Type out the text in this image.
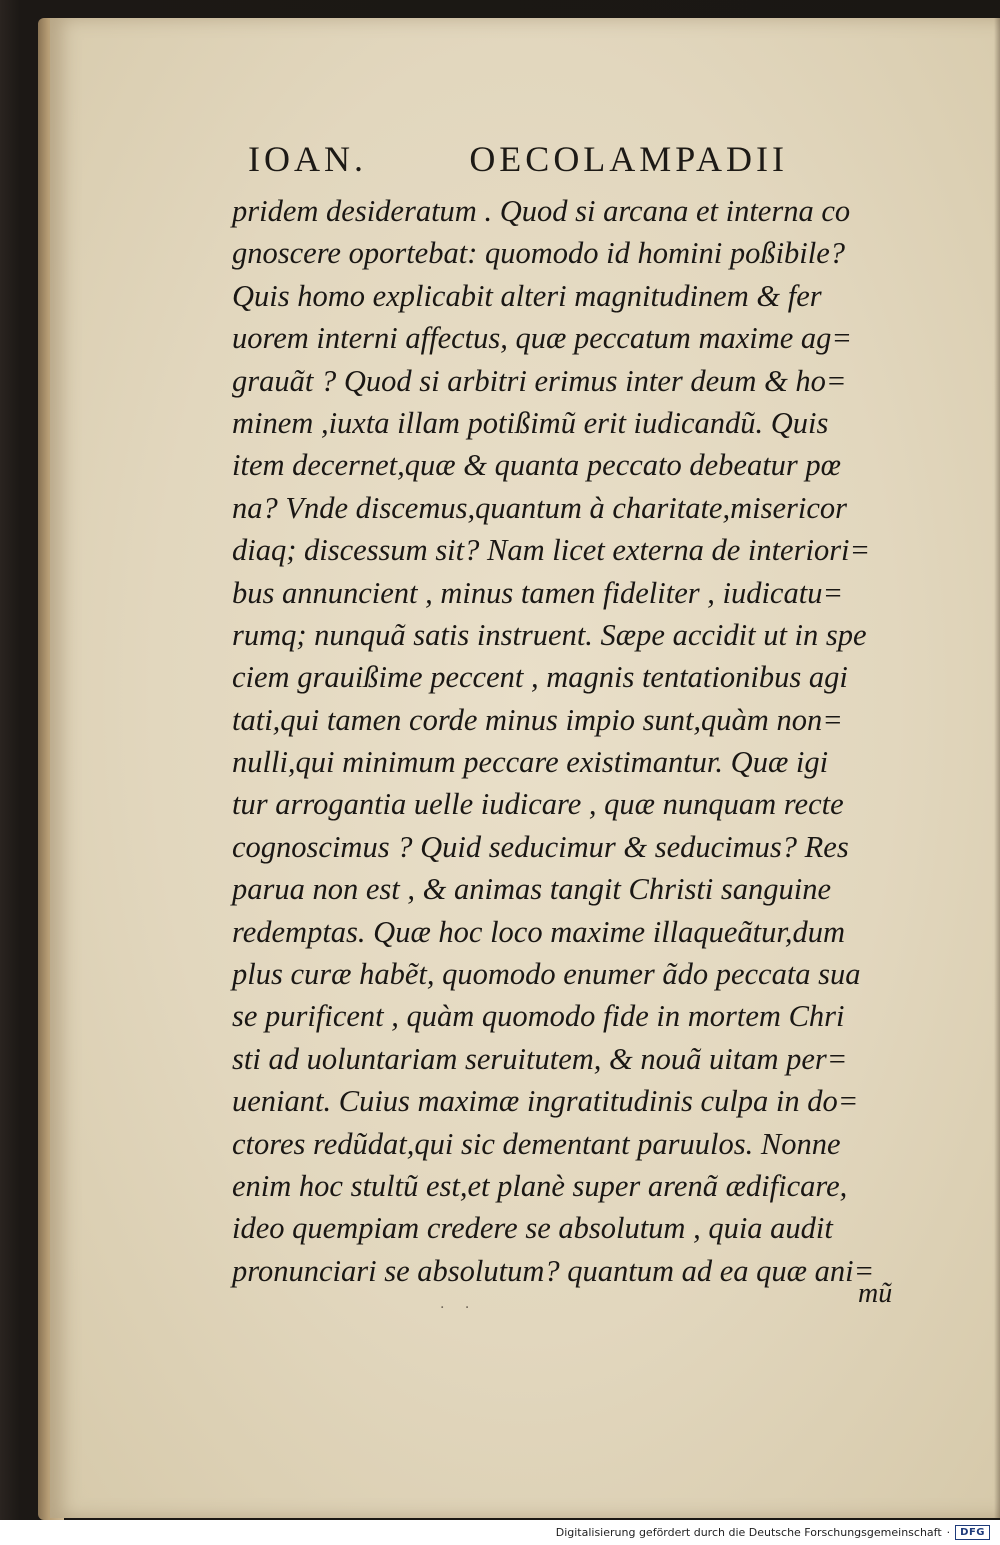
IOAN.	OECOLAMPADII
pridem desideratum . Quod si arcana et interna co
gnoscere oportebat: quomodo id homini poßibile?
Quis homo explicabit alteri magnitudinem & fer
uorem interni affectus, quæ peccatum maxime ag=
grauãt ? Quod si arbitri erimus inter deum & ho=
minem ,iuxta illam potißimũ erit iudicandũ. Quis
item decernet,quæ & quanta peccato debeatur pœ
na? Vnde discemus,quantum à charitate,misericor
diaq; discessum sit? Nam licet externa de interiori=
bus annuncient , minus tamen fideliter , iudicatu=
rumq; nunquã satis instruent. Sæpe accidit ut in spe
ciem grauißime peccent , magnis tentationibus agi
tati,qui tamen corde minus impio sunt,quàm non=
nulli,qui minimum peccare existimantur. Quæ igi
tur arrogantia uelle iudicare , quæ nunquam recte
cognoscimus ? Quid seducimur & seducimus? Res
parua non est , & animas tangit Christi sanguine
redemptas. Quæ hoc loco maxime illaqueãtur,dum
plus curæ habẽt, quomodo enumer ãdo peccata sua
se purificent , quàm quomodo fide in mortem Chri
sti ad uoluntariam seruitutem, & nouã uitam per=
ueniant. Cuius maximæ ingratitudinis culpa in do=
ctores redũdat,qui sic dementant paruulos. Nonne
enim hoc stultũ est,et planè super arenã ædificare,
ideo quempiam credere se absolutum , quia audit
pronunciari se absolutum? quantum ad ea quæ ani=
mũ
· ·
Digitalisierung gefördert durch die Deutsche Forschungsgemeinschaft ·	DFG
